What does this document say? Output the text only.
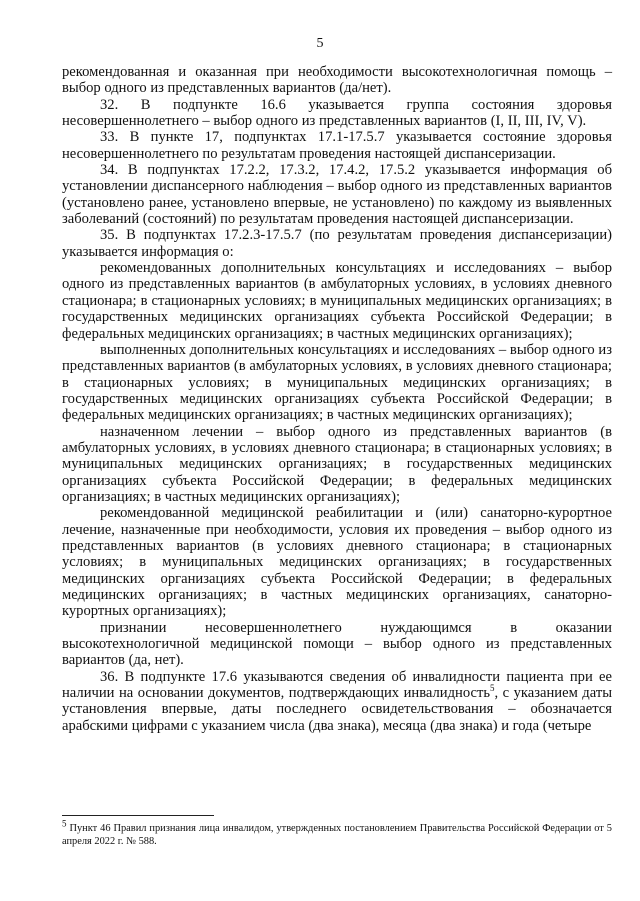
5

рекомендованная и оказанная при необходимости высокотехнологичная помощь – выбор одного из представленных вариантов (да/нет).

32. В подпункте 16.6 указывается группа состояния здоровья несовершеннолетнего – выбор одного из представленных вариантов (I, II, III, IV, V).

33. В пункте 17, подпунктах 17.1-17.5.7 указывается состояние здоровья несовершеннолетнего по результатам проведения настоящей диспансеризации.

34. В подпунктах 17.2.2, 17.3.2, 17.4.2, 17.5.2 указывается информация об установлении диспансерного наблюдения – выбор одного из представленных вариантов (установлено ранее, установлено впервые, не установлено) по каждому из выявленных заболеваний (состояний) по результатам проведения настоящей диспансеризации.

35. В подпунктах 17.2.3-17.5.7 (по результатам проведения диспансеризации) указывается информация о:

рекомендованных дополнительных консультациях и исследованиях – выбор одного из представленных вариантов (в амбулаторных условиях, в условиях дневного стационара; в стационарных условиях; в муниципальных медицинских организациях; в государственных медицинских организациях субъекта Российской Федерации; в федеральных медицинских организациях; в частных медицинских организациях);

выполненных дополнительных консультациях и исследованиях – выбор одного из представленных вариантов (в амбулаторных условиях, в условиях дневного стационара; в стационарных условиях; в муниципальных медицинских организациях; в государственных медицинских организациях субъекта Российской Федерации; в федеральных медицинских организациях; в частных медицинских организациях);

назначенном лечении – выбор одного из представленных вариантов (в амбулаторных условиях, в условиях дневного стационара; в стационарных условиях; в муниципальных медицинских организациях; в государственных медицинских организациях субъекта Российской Федерации; в федеральных медицинских организациях; в частных медицинских организациях);

рекомендованной медицинской реабилитации и (или) санаторно-курортное лечение, назначенные при необходимости, условия их проведения – выбор одного из представленных вариантов (в условиях дневного стационара; в стационарных условиях; в муниципальных медицинских организациях; в государственных медицинских организациях субъекта Российской Федерации; в федеральных медицинских организациях; в частных медицинских организациях, санаторно-курортных организациях);

признании несовершеннолетнего нуждающимся в оказании высокотехнологичной медицинской помощи – выбор одного из представленных вариантов (да, нет).

36. В подпункте 17.6 указываются сведения об инвалидности пациента при ее наличии на основании документов, подтверждающих инвалидность$^5$, с указанием даты установления впервые, даты последнего освидетельствования – обозначается арабскими цифрами с указанием числа (два знака), месяца (два знака) и года (четыре

$^5$ Пункт 46 Правил признания лица инвалидом, утвержденных постановлением Правительства Российской Федерации от 5 апреля 2022 г. № 588.
